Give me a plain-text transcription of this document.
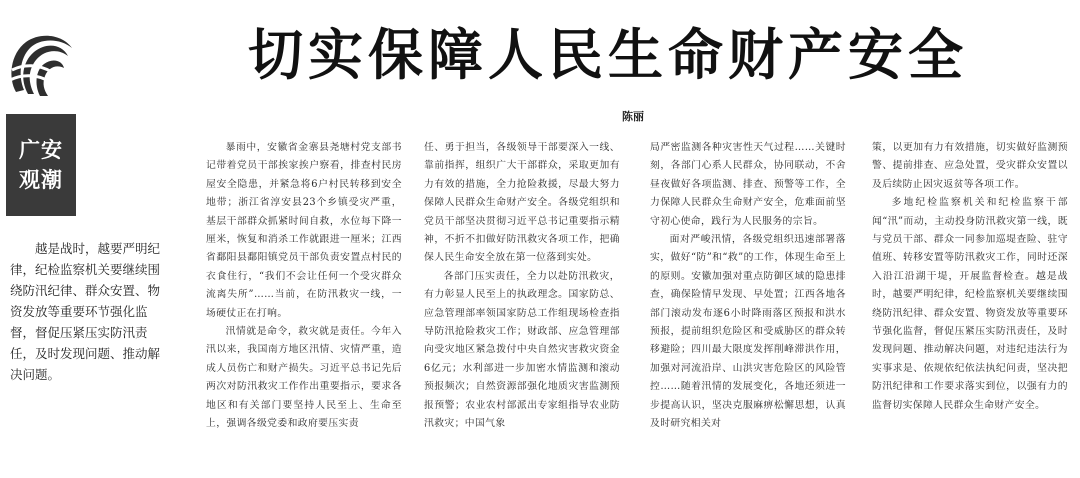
广安
观潮
切实保障人民生命财产安全
陈丽

越是战时，越要严明纪律，纪检监察机关要继续围绕防汛纪律、群众安置、物资发放等重要环节强化监督，督促压紧压实防汛责任，及时发现问题、推动解决问题。

暴雨中，安徽省金寨县尧塘村党支部书记带着党员干部挨家挨户察看，排查村民房屋安全隐患，并紧急将6户村民转移到安全地带；浙江省淳安县23个乡镇受灾严重，基层干部群众抓紧时间自救，水位每下降一厘米，恢复和消杀工作就跟进一厘米；江西省鄱阳县鄱阳镇党员干部负责安置点村民的衣食住行，“我们不会让任何一个受灾群众流离失所”……当前，在防汛救灾一线，一场硬仗正在打响。

汛情就是命令，救灾就是责任。今年入汛以来，我国南方地区汛情、灾情严重，造成人员伤亡和财产损失。习近平总书记先后两次对防汛救灾工作作出重要指示，要求各地区和有关部门要坚持人民至上、生命至上，强调各级党委和政府要压实责

任、勇于担当，各级领导干部要深入一线、靠前指挥，组织广大干部群众，采取更加有力有效的措施，全力抢险救援，尽最大努力保障人民群众生命财产安全。各级党组织和党员干部坚决贯彻习近平总书记重要指示精神，不折不扣做好防汛救灾各项工作，把确保人民生命安全放在第一位落到实处。

各部门压实责任，全力以赴防汛救灾，有力彰显人民至上的执政理念。国家防总、应急管理部率领国家防总工作组现场检查指导防汛抢险救灾工作；财政部、应急管理部向受灾地区紧急拨付中央自然灾害救灾资金6亿元；水利部进一步加密水情监测和滚动预报频次；自然资源部强化地质灾害监测预报预警；农业农村部派出专家组指导农业防汛救灾；中国气象

局严密监测各种灾害性天气过程……关键时刻，各部门心系人民群众，协同联动，不舍昼夜做好各项监测、排查、预警等工作，全力保障人民群众生命财产安全，危难面前坚守初心使命，践行为人民服务的宗旨。

面对严峻汛情，各级党组织迅速部署落实，做好“防”和“救”的工作，体现生命至上的原则。安徽加强对重点防御区域的隐患排查，确保险情早发现、早处置；江西各地各部门滚动发布逐6小时降雨落区预报和洪水预报，提前组织危险区和受威胁区的群众转移避险；四川最大限度发挥削峰滞洪作用，加强对河流沿岸、山洪灾害危险区的风险管控……随着汛情的发展变化，各地还须进一步提高认识，坚决克服麻痹松懈思想，认真及时研究相关对

策，以更加有力有效措施，切实做好监测预警、提前排查、应急处置，受灾群众安置以及后续防止因灾返贫等各项工作。

多地纪检监察机关和纪检监察干部闻“汛”而动，主动投身防汛救灾第一线，既与党员干部、群众一同参加巡堤查险、驻守值班、转移安置等防汛救灾工作，同时还深入沿江沿湖干堤，开展监督检查。越是战时，越要严明纪律，纪检监察机关要继续围绕防汛纪律、群众安置、物资发放等重要环节强化监督，督促压紧压实防汛责任，及时发现问题、推动解决问题，对违纪违法行为实事求是、依规依纪依法执纪问责，坚决把防汛纪律和工作要求落实到位，以强有力的监督切实保障人民群众生命财产安全。
